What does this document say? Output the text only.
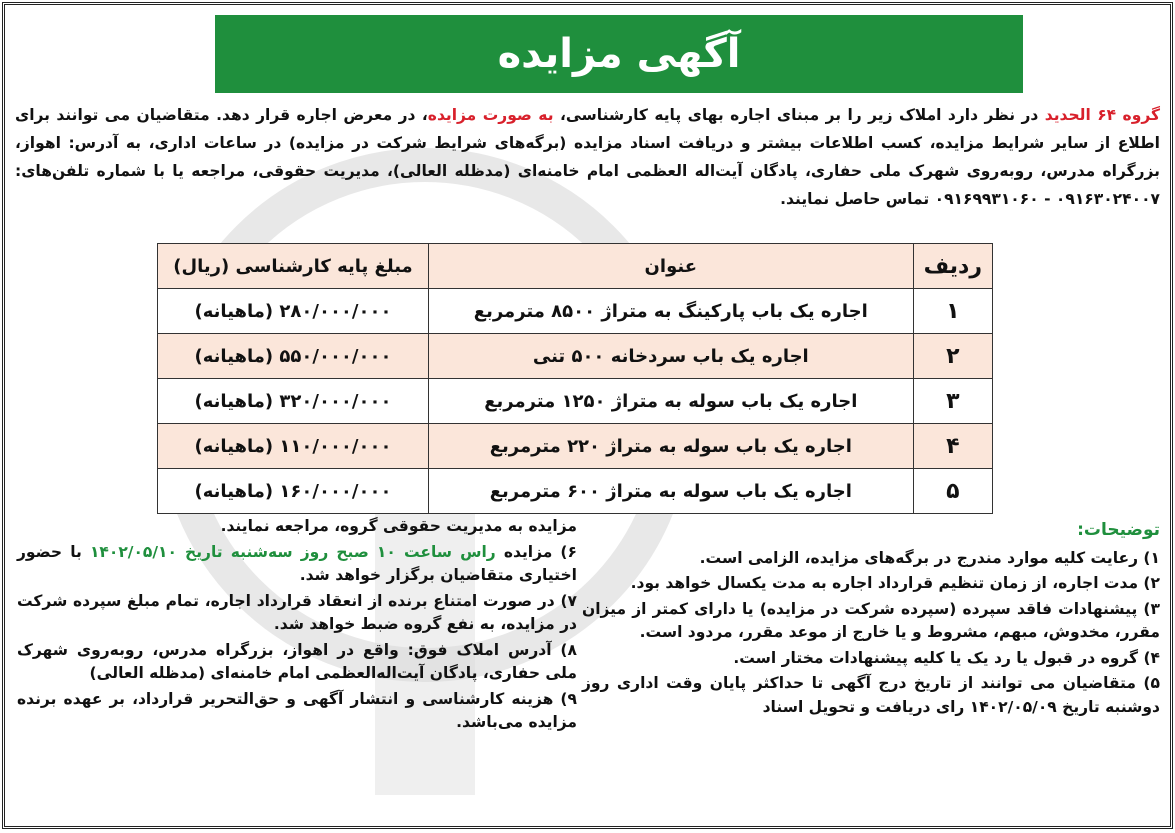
آگهی مزایده
گروه ۶۴ الحدید در نظر دارد املاک زیر را بر مبنای اجاره بهای پایه کارشناسی، به صورت مزایده، در معرض اجاره قرار دهد. متقاضیان می توانند برای اطلاع از سایر شرایط مزایده، کسب اطلاعات بیشتر و دریافت اسناد مزایده (برگه‌های شرایط شرکت در مزایده) در ساعات اداری، به آدرس: اهواز، بزرگراه مدرس، روبه‌روی شهرک ملی حفاری، پادگان آیت‌اله العظمی امام خامنه‌ای (مدظله العالی)، مدیریت حقوقی، مراجعه یا با شماره تلفن‌های: ۰۹۱۶۳۰۲۴۰۰۷ - ۰۹۱۶۹۹۳۱۰۶۰ تماس حاصل نمایند.
ردیف	عنوان	مبلغ پایه کارشناسی (ریال)
۱	اجاره یک باب پارکینگ به متراژ ۸۵۰۰ مترمربع	۲۸۰/۰۰۰/۰۰۰ (ماهیانه)
۲	اجاره یک باب سردخانه ۵۰۰ تنی	۵۵۰/۰۰۰/۰۰۰ (ماهیانه)
۳	اجاره یک باب سوله به متراژ ۱۲۵۰ مترمربع	۳۲۰/۰۰۰/۰۰۰ (ماهیانه)
۴	اجاره یک باب سوله به متراژ ۲۲۰ مترمربع	۱۱۰/۰۰۰/۰۰۰ (ماهیانه)
۵	اجاره یک باب سوله به متراژ ۶۰۰ مترمربع	۱۶۰/۰۰۰/۰۰۰ (ماهیانه)
توضیحات:
۱) رعایت کلیه موارد مندرج در برگه‌های مزایده، الزامی است.
۲) مدت اجاره، از زمان تنظیم قرارداد اجاره به مدت یکسال خواهد بود.
۳) پیشنهادات فاقد سپرده (سپرده شرکت در مزایده) یا دارای کمتر از میزان مقرر، مخدوش، مبهم، مشروط و یا خارج از موعد مقرر، مردود است.
۴) گروه در قبول یا رد یک یا کلیه پیشنهادات مختار است.
۵) متقاضیان می توانند از تاریخ درج آگهی تا حداکثر پایان وقت اداری روز دوشنبه تاریخ ۱۴۰۲/۰۵/۰۹ رای دریافت و تحویل اسناد
مزایده به مدیریت حقوقی گروه، مراجعه نمایند.
۶) مزایده راس ساعت ۱۰ صبح روز سه‌شنبه تاریخ ۱۴۰۲/۰۵/۱۰ با حضور اختیاری متقاضیان برگزار خواهد شد.
۷) در صورت امتناع برنده از انعقاد قرارداد اجاره، تمام مبلغ سپرده شرکت در مزایده، به نفع گروه ضبط خواهد شد.
۸) آدرس املاک فوق: واقع در اهواز، بزرگراه مدرس، روبه‌روی شهرک ملی حفاری، پادگان آیت‌اله‌العظمی امام خامنه‌ای (مدظله العالی)
۹) هزینه کارشناسی و انتشار آگهی و حق‌التحریر قرارداد، بر عهده برنده مزایده می‌باشد.
